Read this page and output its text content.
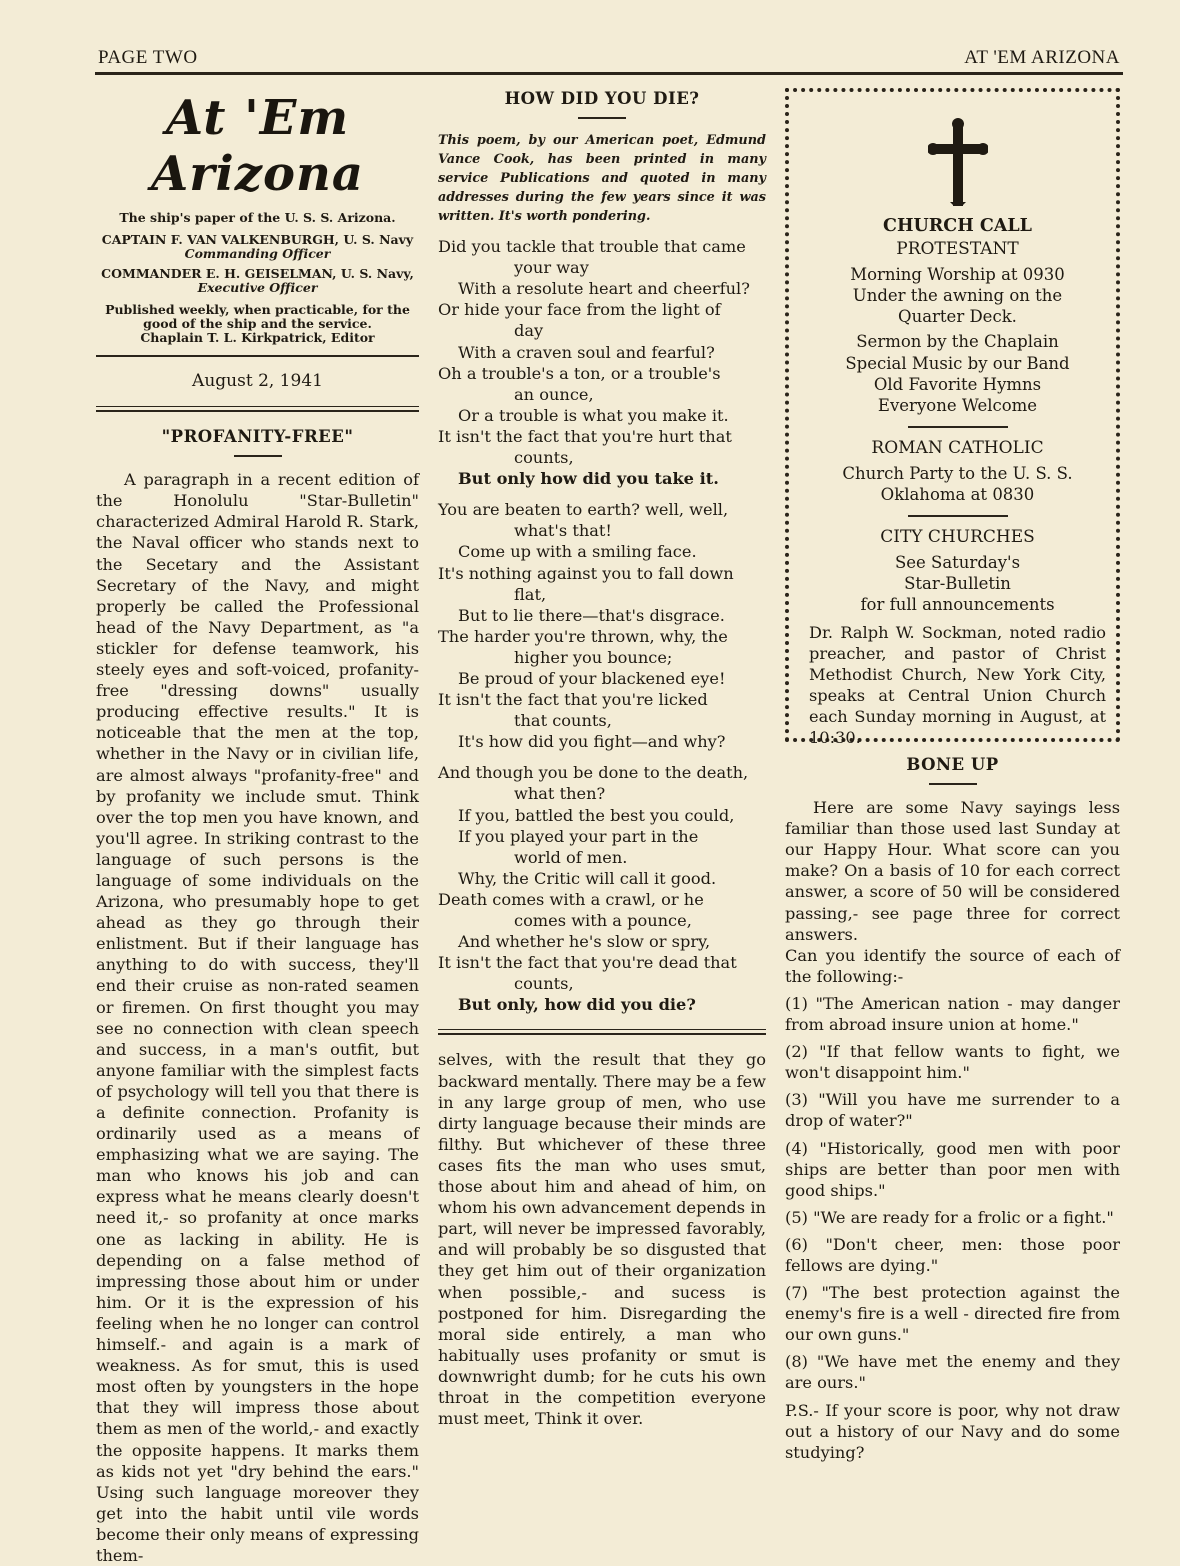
PAGE TWO	AT 'EM ARIZONA
At 'Em Arizona
The ship's paper of the U. S. S. Arizona.
CAPTAIN F. VAN VALKENBURGH, U. S. Navy
Commanding Officer
COMMANDER E. H. GEISELMAN, U. S. Navy,
Executive Officer
Published weekly, when practicable, for the good of the ship and the service.
Chaplain T. L. Kirkpatrick, Editor
August 2, 1941
"PROFANITY-FREE"

A paragraph in a recent edition of the Honolulu "Star-Bulletin" characterized Admiral Harold R. Stark, the Naval officer who stands next to the Secetary and the Assistant Secretary of the Navy, and might properly be called the Professional head of the Navy Department, as "a stickler for defense teamwork, his steely eyes and soft-voiced, profanity-free "dressing downs" usually producing effective results." It is noticeable that the men at the top, whether in the Navy or in civilian life, are almost always "profanity-free" and by profanity we include smut. Think over the top men you have known, and you'll agree. In striking contrast to the language of such persons is the language of some individuals on the Arizona, who presumably hope to get ahead as they go through their enlistment. But if their language has anything to do with success, they'll end their cruise as non-rated seamen or firemen. On first thought you may see no connection with clean speech and success, in a man's outfit, but anyone familiar with the simplest facts of psychology will tell you that there is a definite connection. Profanity is ordinarily used as a means of emphasizing what we are saying. The man who knows his job and can express what he means clearly doesn't need it,- so profanity at once marks one as lacking in ability. He is depending on a false method of impressing those about him or under him. Or it is the expression of his feeling when he no longer can control himself.- and again is a mark of weakness. As for smut, this is used most often by youngsters in the hope that they will impress those about them as men of the world,- and exactly the opposite happens. It marks them as kids not yet "dry behind the ears." Using such language moreover they get into the habit until vile words become their only means of expressing them-

HOW DID YOU DIE?

This poem, by our American poet, Edmund Vance Cook, has been printed in many service Publications and quoted in many addresses during the few years since it was written. It's worth pondering.

Did you tackle that trouble that came

your way

With a resolute heart and cheerful?

Or hide your face from the light of

day

With a craven soul and fearful?

Oh a trouble's a ton, or a trouble's

an ounce,

Or a trouble is what you make it.

It isn't the fact that you're hurt that

counts,

But only how did you take it.

You are beaten to earth? well, well,

what's that!

Come up with a smiling face.

It's nothing against you to fall down

flat,

But to lie there—that's disgrace.

The harder you're thrown, why, the

higher you bounce;

Be proud of your blackened eye!

It isn't the fact that you're licked

that counts,

It's how did you fight—and why?

And though you be done to the death,

what then?

If you, battled the best you could,

If you played your part in the

world of men.

Why, the Critic will call it good.

Death comes with a crawl, or he

comes with a pounce,

And whether he's slow or spry,

It isn't the fact that you're dead that

counts,

But only, how did you die?

selves, with the result that they go backward mentally. There may be a few in any large group of men, who use dirty language because their minds are filthy. But whichever of these three cases fits the man who uses smut, those about him and ahead of him, on whom his own advancement depends in part, will never be impressed favorably, and will probably be so disgusted that they get him out of their organization when possible,- and sucess is postponed for him. Disregarding the moral side entirely, a man who habitually uses profanity or smut is downwright dumb; for he cuts his own throat in the competition everyone must meet, Think it over.

CHURCH CALL
PROTESTANT

Morning Worship at 0930

Under the awning on the

Quarter Deck.

Sermon by the Chaplain

Special Music by our Band

Old Favorite Hymns

Everyone Welcome

ROMAN CATHOLIC

Church Party to the U. S. S.

Oklahoma at 0830

CITY CHURCHES

See Saturday's

Star-Bulletin

for full announcements

Dr. Ralph W. Sockman, noted radio preacher, and pastor of Christ Methodist Church, New York City, speaks at Central Union Church each Sunday morning in August, at 10:30.

BONE UP

Here are some Navy sayings less familiar than those used last Sunday at our Happy Hour. What score can you make? On a basis of 10 for each correct answer, a score of 50 will be considered passing,- see page three for correct answers.

Can you identify the source of each of the following:-

(1) "The American nation - may danger from abroad insure union at home."

(2) "If that fellow wants to fight, we won't disappoint him."

(3) "Will you have me surrender to a drop of water?"

(4) "Historically, good men with poor ships are better than poor men with good ships."

(5) "We are ready for a frolic or a fight."

(6) "Don't cheer, men: those poor fellows are dying."

(7) "The best protection against the enemy's fire is a well - directed fire from our own guns."

(8) "We have met the enemy and they are ours."

P.S.- If your score is poor, why not draw out a history of our Navy and do some studying?
